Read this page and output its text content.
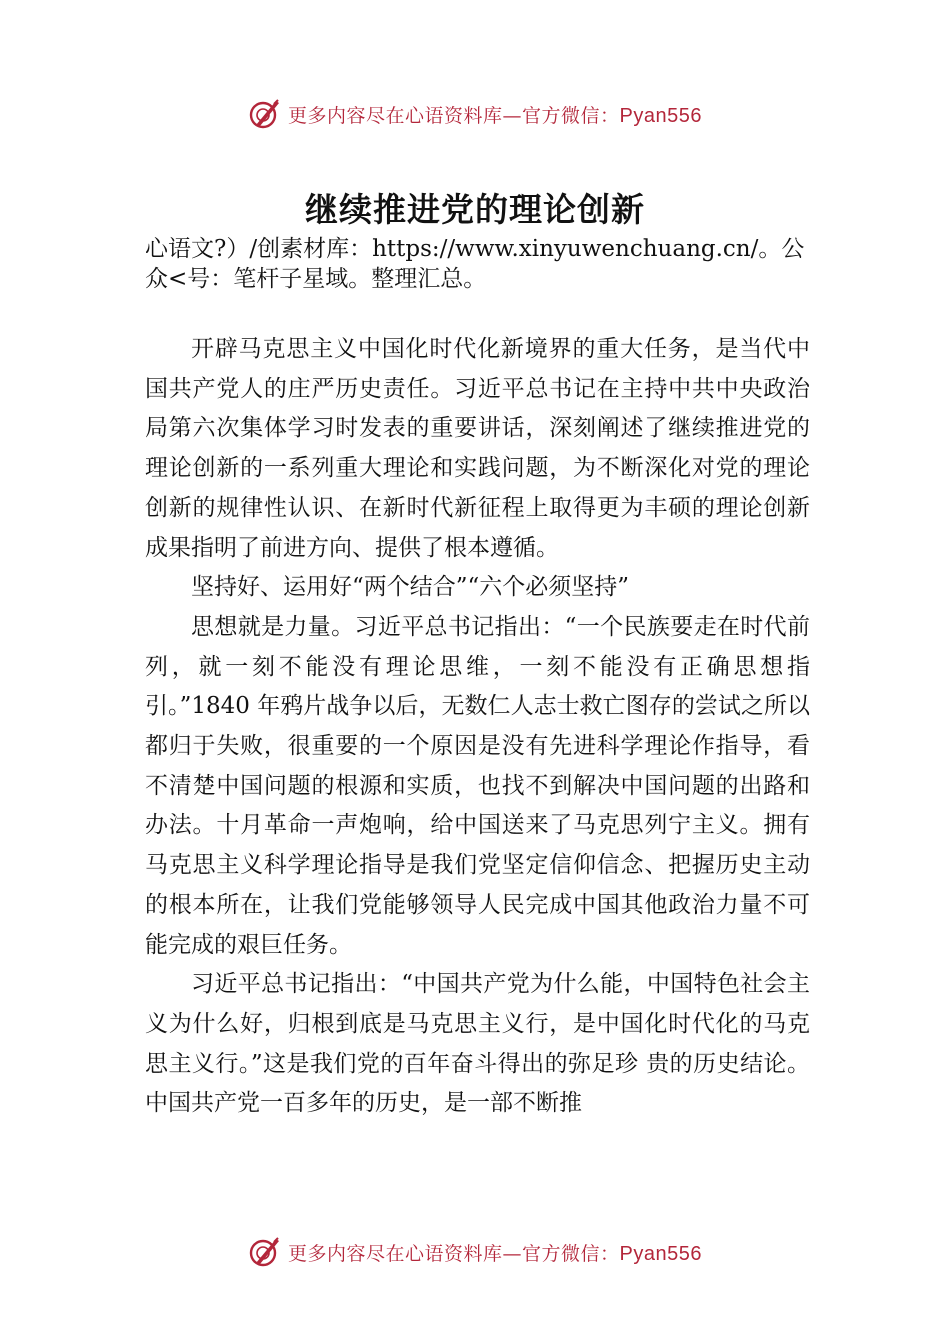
更多内容尽在心语资料库—官方微信：Pyan556
继续推进党的理论创新
心语文?）/创素材库：https://www.xinyuwenchuang.cn/。公众<号：笔杆子星域。整理汇总。

开辟马克思主义中国化时代化新境界的重大任务，是当代中国共产党人的庄严历史责任。习近平总书记在主持中共中央政治局第六次集体学习时发表的重要讲话，深刻阐述了继续推进党的理论创新的一系列重大理论和实践问题，为不断深化对党的理论创新的规律性认识、在新时代新征程上取得更为丰硕的理论创新成果指明了前进方向、提供了根本遵循。

坚持好、运用好“两个结合”“六个必须坚持”

思想就是力量。习近平总书记指出：“一个民族要走在时代前列，就一刻不能没有理论思维，一刻不能没有正确思想指引。”1840 年鸦片战争以后，无数仁人志士救亡图存的尝试之所以都归于失败，很重要的一个原因是没有先进科学理论作指导，看不清楚中国问题的根源和实质，也找不到解决中国问题的出路和办法。十月革命一声炮响，给中国送来了马克思列宁主义。拥有马克思主义科学理论指导是我们党坚定信仰信念、把握历史主动的根本所在，让我们党能够领导人民完成中国其他政治力量不可能完成的艰巨任务。

习近平总书记指出：“中国共产党为什么能，中国特色社会主义为什么好，归根到底是马克思主义行，是中国化时代化的马克思主义行。”这是我们党的百年奋斗得出的弥足珍 贵的历史结论。中国共产党一百多年的历史，是一部不断推

更多内容尽在心语资料库—官方微信：Pyan556
